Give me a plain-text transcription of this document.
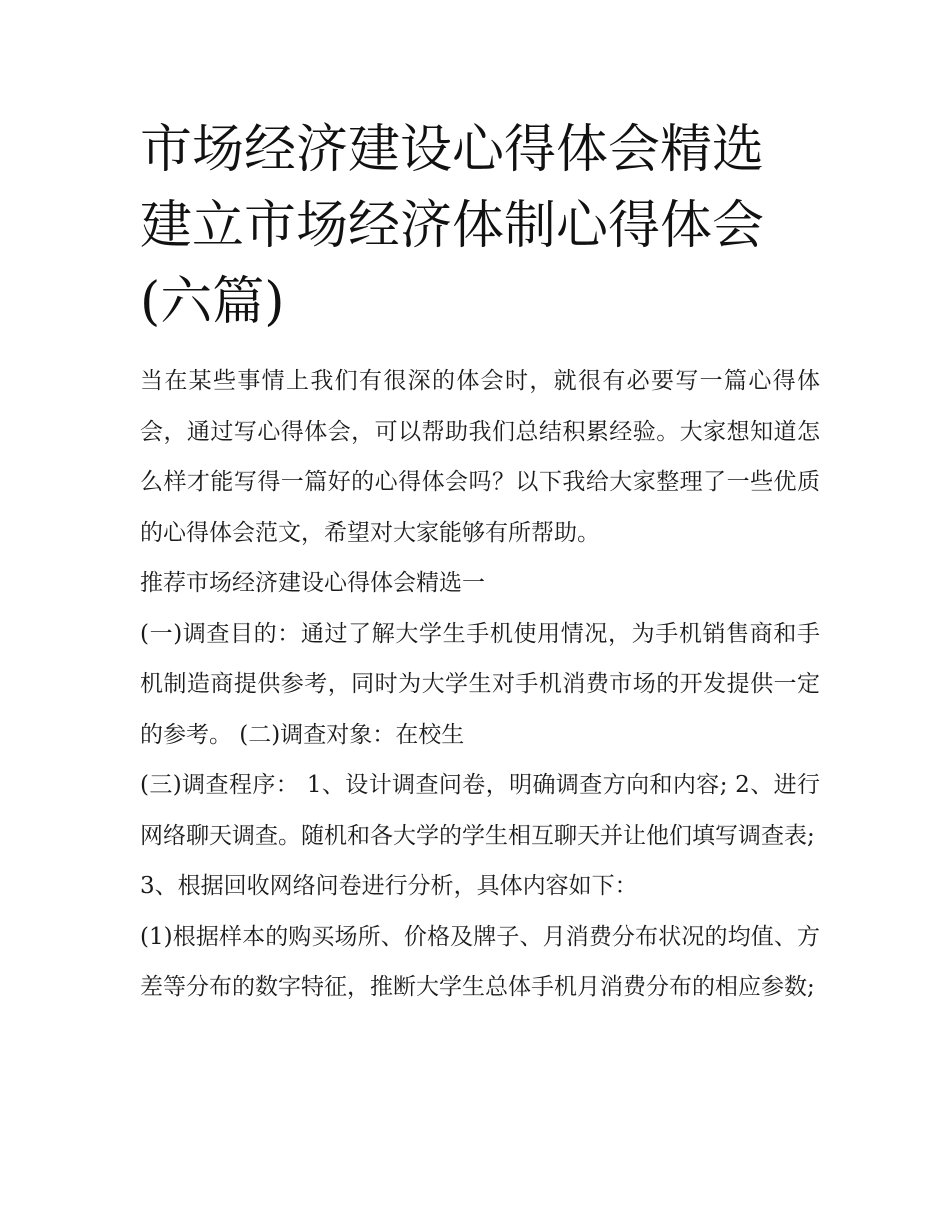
市场经济建设心得体会精选 建立市场经济体制心得体会(六篇)

当在某些事情上我们有很深的体会时，就很有必要写一篇心得体会，通过写心得体会，可以帮助我们总结积累经验。大家想知道怎么样才能写得一篇好的心得体会吗？以下我给大家整理了一些优质的心得体会范文，希望对大家能够有所帮助。

推荐市场经济建设心得体会精选一

(一)调查目的：通过了解大学生手机使用情况，为手机销售商和手机制造商提供参考，同时为大学生对手机消费市场的开发提供一定的参考。 (二)调查对象：在校生

(三)调查程序： 1、设计调查问卷，明确调查方向和内容; 2、进行网络聊天调查。随机和各大学的学生相互聊天并让他们填写调查表;

3、根据回收网络问卷进行分析，具体内容如下：

(1)根据样本的购买场所、价格及牌子、月消费分布状况的均值、方差等分布的数字特征，推断大学生总体手机月消费分布的相应参数;
